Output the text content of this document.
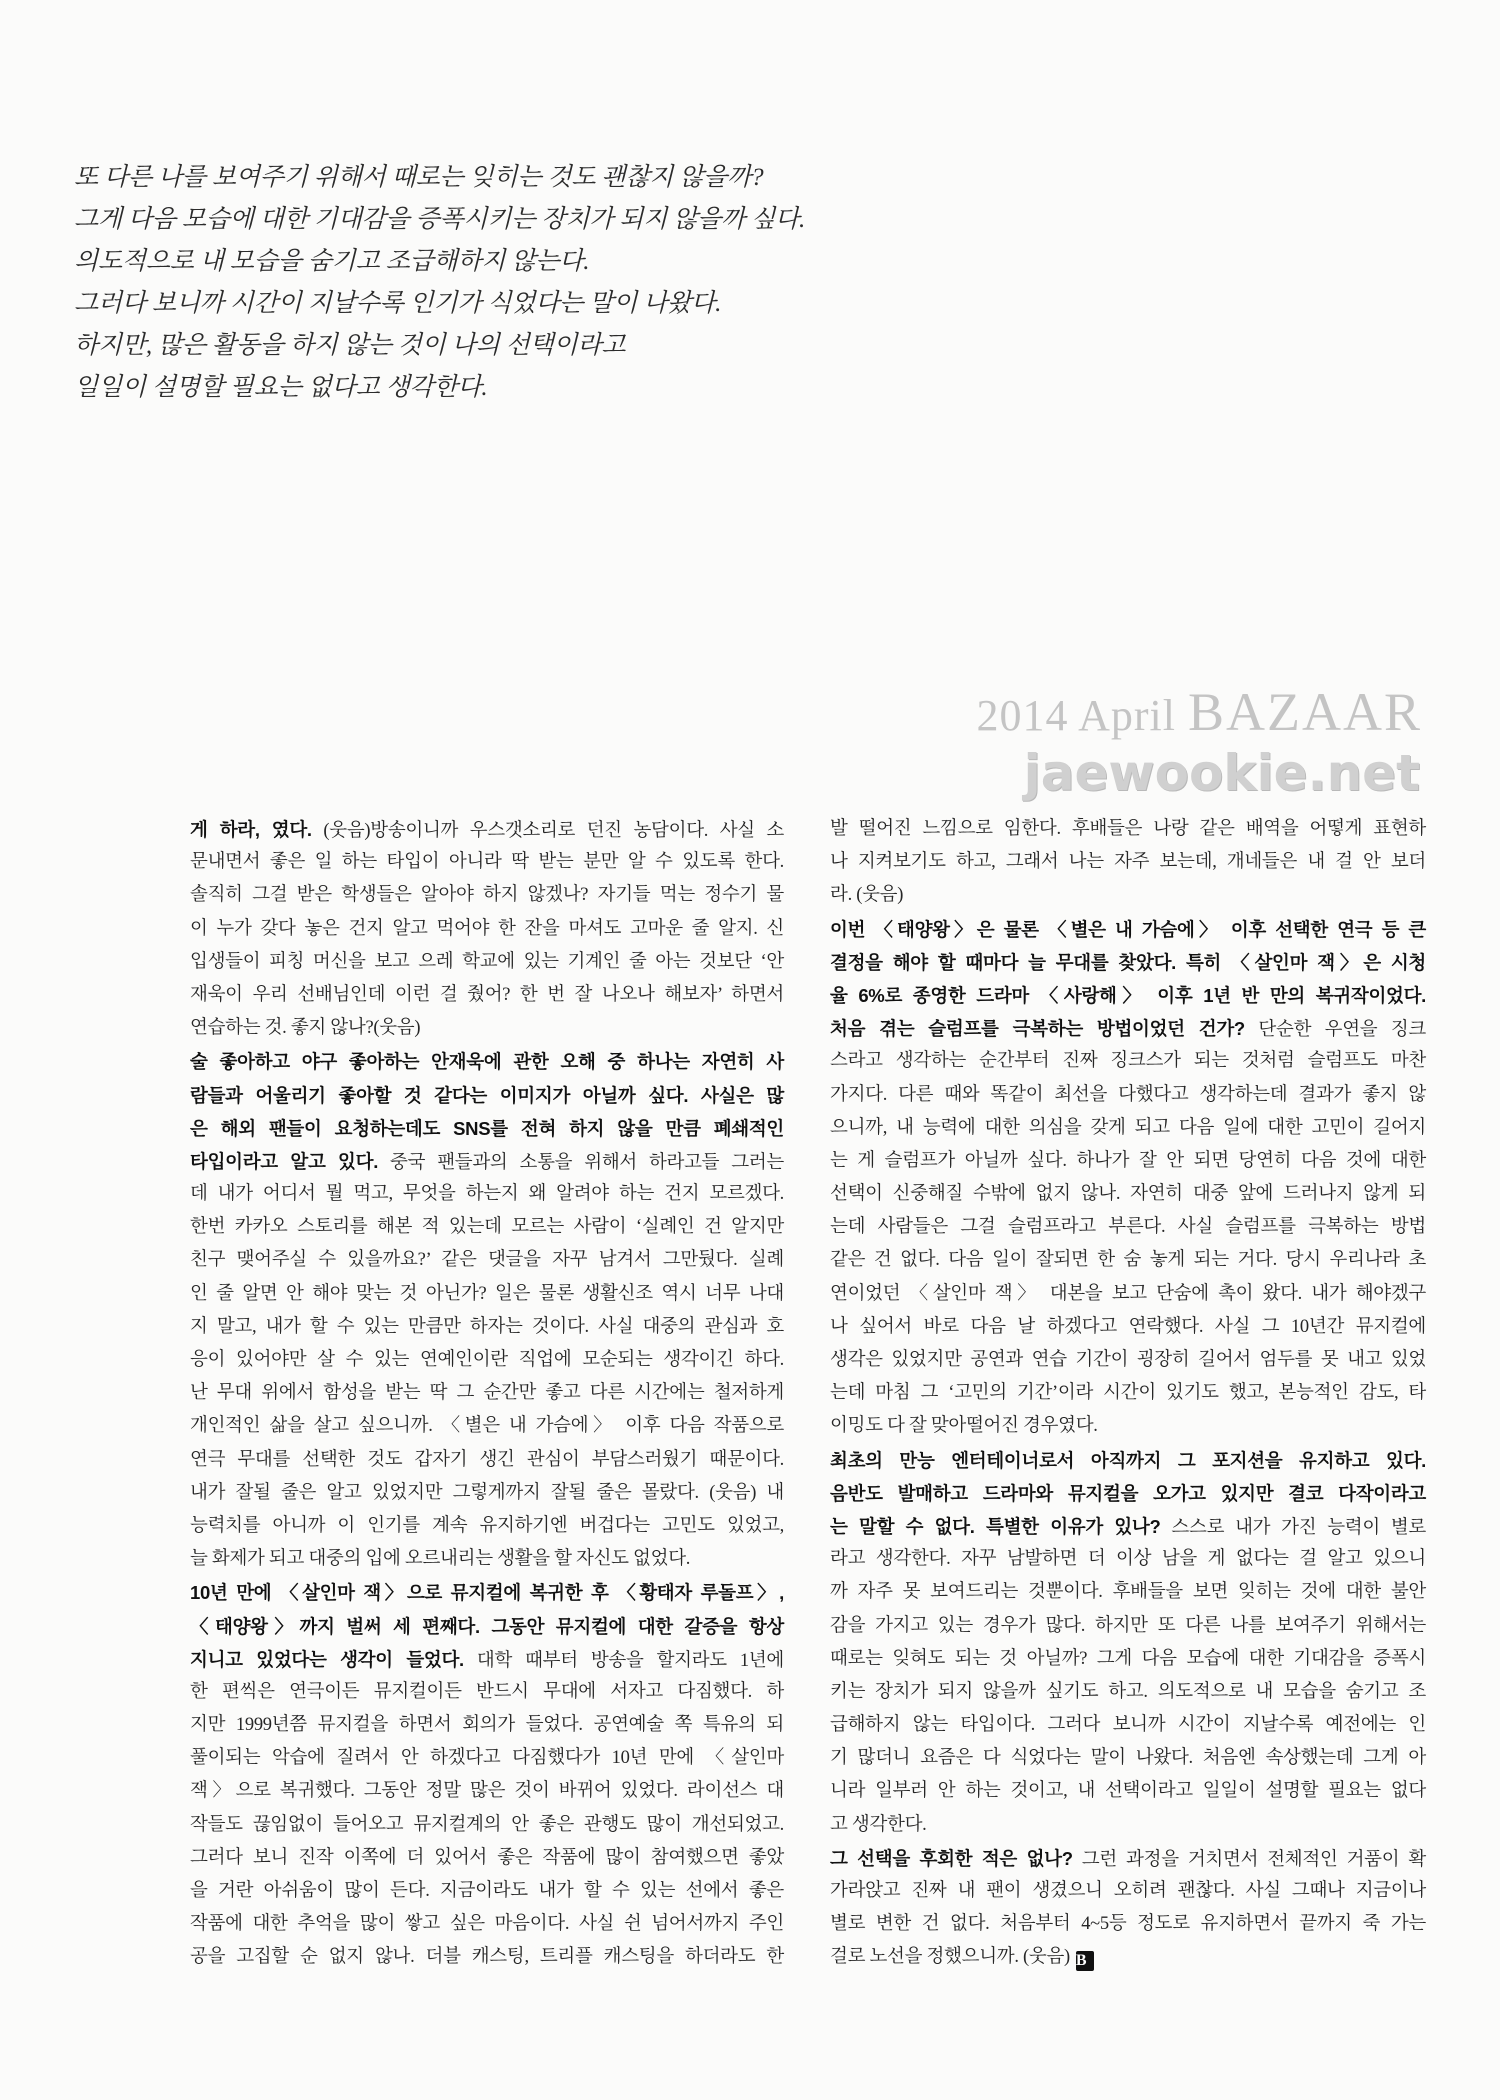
또 다른 나를 보여주기 위해서 때로는 잊히는 것도 괜찮지 않을까?
그게 다음 모습에 대한 기대감을 증폭시키는 장치가 되지 않을까 싶다.
의도적으로 내 모습을 숨기고 조급해하지 않는다.
그러다 보니까 시간이 지날수록 인기가 식었다는 말이 나왔다.
하지만, 많은 활동을 하지 않는 것이 나의 선택이라고
일일이 설명할 필요는 없다고 생각한다.
2014 April BAZAAR
jaewookie.net
게 하라, 였다. (웃음)방송이니까 우스갯소리로 던진 농담이다. 사실 소
문내면서 좋은 일 하는 타입이 아니라 딱 받는 분만 알 수 있도록 한다.
솔직히 그걸 받은 학생들은 알아야 하지 않겠나? 자기들 먹는 정수기 물
이 누가 갖다 놓은 건지 알고 먹어야 한 잔을 마셔도 고마운 줄 알지. 신
입생들이 피칭 머신을 보고 으레 학교에 있는 기계인 줄 아는 것보단 ‘안
재욱이 우리 선배님인데 이런 걸 줬어? 한 번 잘 나오나 해보자’ 하면서
연습하는 것. 좋지 않나?(웃음)
술 좋아하고 야구 좋아하는 안재욱에 관한 오해 중 하나는 자연히 사
람들과 어울리기 좋아할 것 같다는 이미지가 아닐까 싶다. 사실은 많
은 해외 팬들이 요청하는데도 SNS를 전혀 하지 않을 만큼 폐쇄적인
타입이라고 알고 있다. 중국 팬들과의 소통을 위해서 하라고들 그러는
데 내가 어디서 뭘 먹고, 무엇을 하는지 왜 알려야 하는 건지 모르겠다.
한번 카카오 스토리를 해본 적 있는데 모르는 사람이 ‘실례인 건 알지만
친구 맺어주실 수 있을까요?’ 같은 댓글을 자꾸 남겨서 그만뒀다. 실례
인 줄 알면 안 해야 맞는 것 아닌가? 일은 물론 생활신조 역시 너무 나대
지 말고, 내가 할 수 있는 만큼만 하자는 것이다. 사실 대중의 관심과 호
응이 있어야만 살 수 있는 연예인이란 직업에 모순되는 생각이긴 하다.
난 무대 위에서 함성을 받는 딱 그 순간만 좋고 다른 시간에는 철저하게
개인적인 삶을 살고 싶으니까. 〈별은 내 가슴에〉 이후 다음 작품으로
연극 무대를 선택한 것도 갑자기 생긴 관심이 부담스러웠기 때문이다.
내가 잘될 줄은 알고 있었지만 그렇게까지 잘될 줄은 몰랐다. (웃음) 내
능력치를 아니까 이 인기를 계속 유지하기엔 버겁다는 고민도 있었고,
늘 화제가 되고 대중의 입에 오르내리는 생활을 할 자신도 없었다.
10년 만에 〈살인마 잭〉으로 뮤지컬에 복귀한 후 〈황태자 루돌프〉,
〈태양왕〉까지 벌써 세 편째다. 그동안 뮤지컬에 대한 갈증을 항상
지니고 있었다는 생각이 들었다. 대학 때부터 방송을 할지라도 1년에
한 편씩은 연극이든 뮤지컬이든 반드시 무대에 서자고 다짐했다. 하
지만 1999년쯤 뮤지컬을 하면서 회의가 들었다. 공연예술 쪽 특유의 되
풀이되는 악습에 질려서 안 하겠다고 다짐했다가 10년 만에 〈살인마
잭〉으로 복귀했다. 그동안 정말 많은 것이 바뀌어 있었다. 라이선스 대
작들도 끊임없이 들어오고 뮤지컬계의 안 좋은 관행도 많이 개선되었고.
그러다 보니 진작 이쪽에 더 있어서 좋은 작품에 많이 참여했으면 좋았
을 거란 아쉬움이 많이 든다. 지금이라도 내가 할 수 있는 선에서 좋은
작품에 대한 추억을 많이 쌓고 싶은 마음이다. 사실 쉰 넘어서까지 주인
공을 고집할 순 없지 않나. 더블 캐스팅, 트리플 캐스팅을 하더라도 한
발 떨어진 느낌으로 임한다. 후배들은 나랑 같은 배역을 어떻게 표현하
나 지켜보기도 하고, 그래서 나는 자주 보는데, 개네들은 내 걸 안 보더
라. (웃음)
이번 〈태양왕〉은 물론 〈별은 내 가슴에〉 이후 선택한 연극 등 큰
결정을 해야 할 때마다 늘 무대를 찾았다. 특히 〈살인마 잭〉은 시청
율 6%로 종영한 드라마 〈사랑해〉 이후 1년 반 만의 복귀작이었다.
처음 겪는 슬럼프를 극복하는 방법이었던 건가? 단순한 우연을 징크
스라고 생각하는 순간부터 진짜 징크스가 되는 것처럼 슬럼프도 마찬
가지다. 다른 때와 똑같이 최선을 다했다고 생각하는데 결과가 좋지 않
으니까, 내 능력에 대한 의심을 갖게 되고 다음 일에 대한 고민이 길어지
는 게 슬럼프가 아닐까 싶다. 하나가 잘 안 되면 당연히 다음 것에 대한
선택이 신중해질 수밖에 없지 않나. 자연히 대중 앞에 드러나지 않게 되
는데 사람들은 그걸 슬럼프라고 부른다. 사실 슬럼프를 극복하는 방법
같은 건 없다. 다음 일이 잘되면 한 숨 놓게 되는 거다. 당시 우리나라 초
연이었던 〈살인마 잭〉 대본을 보고 단숨에 촉이 왔다. 내가 해야겠구
나 싶어서 바로 다음 날 하겠다고 연락했다. 사실 그 10년간 뮤지컬에
생각은 있었지만 공연과 연습 기간이 굉장히 길어서 엄두를 못 내고 있었
는데 마침 그 ‘고민의 기간’이라 시간이 있기도 했고, 본능적인 감도, 타
이밍도 다 잘 맞아떨어진 경우였다.
최초의 만능 엔터테이너로서 아직까지 그 포지션을 유지하고 있다.
음반도 발매하고 드라마와 뮤지컬을 오가고 있지만 결코 다작이라고
는 말할 수 없다. 특별한 이유가 있나? 스스로 내가 가진 능력이 별로
라고 생각한다. 자꾸 남발하면 더 이상 남을 게 없다는 걸 알고 있으니
까 자주 못 보여드리는 것뿐이다. 후배들을 보면 잊히는 것에 대한 불안
감을 가지고 있는 경우가 많다. 하지만 또 다른 나를 보여주기 위해서는
때로는 잊혀도 되는 것 아닐까? 그게 다음 모습에 대한 기대감을 증폭시
키는 장치가 되지 않을까 싶기도 하고. 의도적으로 내 모습을 숨기고 조
급해하지 않는 타입이다. 그러다 보니까 시간이 지날수록 예전에는 인
기 많더니 요즘은 다 식었다는 말이 나왔다. 처음엔 속상했는데 그게 아
니라 일부러 안 하는 것이고, 내 선택이라고 일일이 설명할 필요는 없다
고 생각한다.
그 선택을 후회한 적은 없나? 그런 과정을 거치면서 전체적인 거품이 확
가라앉고 진짜 내 팬이 생겼으니 오히려 괜찮다. 사실 그때나 지금이나
별로 변한 건 없다. 처음부터 4~5등 정도로 유지하면서 끝까지 죽 가는
걸로 노선을 정했으니까. (웃음) B
